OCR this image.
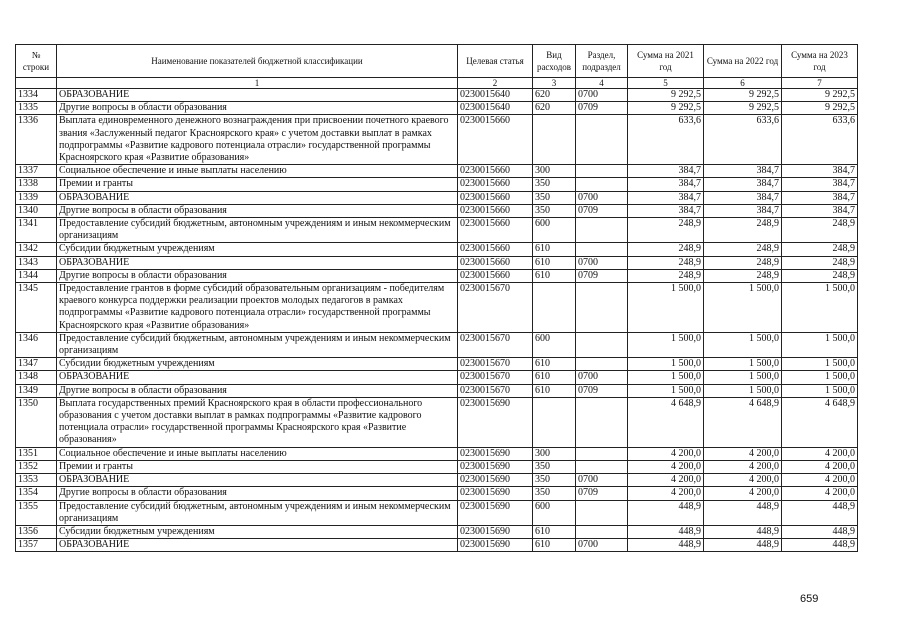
№ строки	Наименование показателей бюджетной классификации	Целевая статья	Вид расходов	Раздел, подраздел	Сумма на 2021 год	Сумма на 2022 год	Сумма на 2023 год
	1	2	3	4	5	6	7
1334	ОБРАЗОВАНИЕ	0230015640	620	0700	9 292,5	9 292,5	9 292,5
1335	Другие вопросы в области образования	0230015640	620	0709	9 292,5	9 292,5	9 292,5
1336	Выплата единовременного денежного вознаграждения при присвоении почетного краевого звания «Заслуженный педагог Красноярского края» с учетом доставки выплат в рамках подпрограммы «Развитие кадрового потенциала отрасли» государственной программы Красноярского края «Развитие образования»	0230015660			633,6	633,6	633,6
1337	Социальное обеспечение и иные выплаты населению	0230015660	300		384,7	384,7	384,7
1338	Премии и гранты	0230015660	350		384,7	384,7	384,7
1339	ОБРАЗОВАНИЕ	0230015660	350	0700	384,7	384,7	384,7
1340	Другие вопросы в области образования	0230015660	350	0709	384,7	384,7	384,7
1341	Предоставление субсидий бюджетным, автономным учреждениям и иным некоммерческим организациям	0230015660	600		248,9	248,9	248,9
1342	Субсидии бюджетным учреждениям	0230015660	610		248,9	248,9	248,9
1343	ОБРАЗОВАНИЕ	0230015660	610	0700	248,9	248,9	248,9
1344	Другие вопросы в области образования	0230015660	610	0709	248,9	248,9	248,9
1345	Предоставление грантов в форме субсидий образовательным организациям - победителям краевого конкурса поддержки реализации проектов молодых педагогов в рамках подпрограммы «Развитие кадрового потенциала отрасли» государственной программы Красноярского края «Развитие образования»	0230015670			1 500,0	1 500,0	1 500,0
1346	Предоставление субсидий бюджетным, автономным учреждениям и иным некоммерческим организациям	0230015670	600		1 500,0	1 500,0	1 500,0
1347	Субсидии бюджетным учреждениям	0230015670	610		1 500,0	1 500,0	1 500,0
1348	ОБРАЗОВАНИЕ	0230015670	610	0700	1 500,0	1 500,0	1 500,0
1349	Другие вопросы в области образования	0230015670	610	0709	1 500,0	1 500,0	1 500,0
1350	Выплата государственных премий Красноярского края в области профессионального образования с учетом доставки выплат в рамках подпрограммы «Развитие кадрового потенциала отрасли» государственной программы Красноярского края «Развитие образования»	0230015690			4 648,9	4 648,9	4 648,9
1351	Социальное обеспечение и иные выплаты населению	0230015690	300		4 200,0	4 200,0	4 200,0
1352	Премии и гранты	0230015690	350		4 200,0	4 200,0	4 200,0
1353	ОБРАЗОВАНИЕ	0230015690	350	0700	4 200,0	4 200,0	4 200,0
1354	Другие вопросы в области образования	0230015690	350	0709	4 200,0	4 200,0	4 200,0
1355	Предоставление субсидий бюджетным, автономным учреждениям и иным некоммерческим организациям	0230015690	600		448,9	448,9	448,9
1356	Субсидии бюджетным учреждениям	0230015690	610		448,9	448,9	448,9
1357	ОБРАЗОВАНИЕ	0230015690	610	0700	448,9	448,9	448,9
659
